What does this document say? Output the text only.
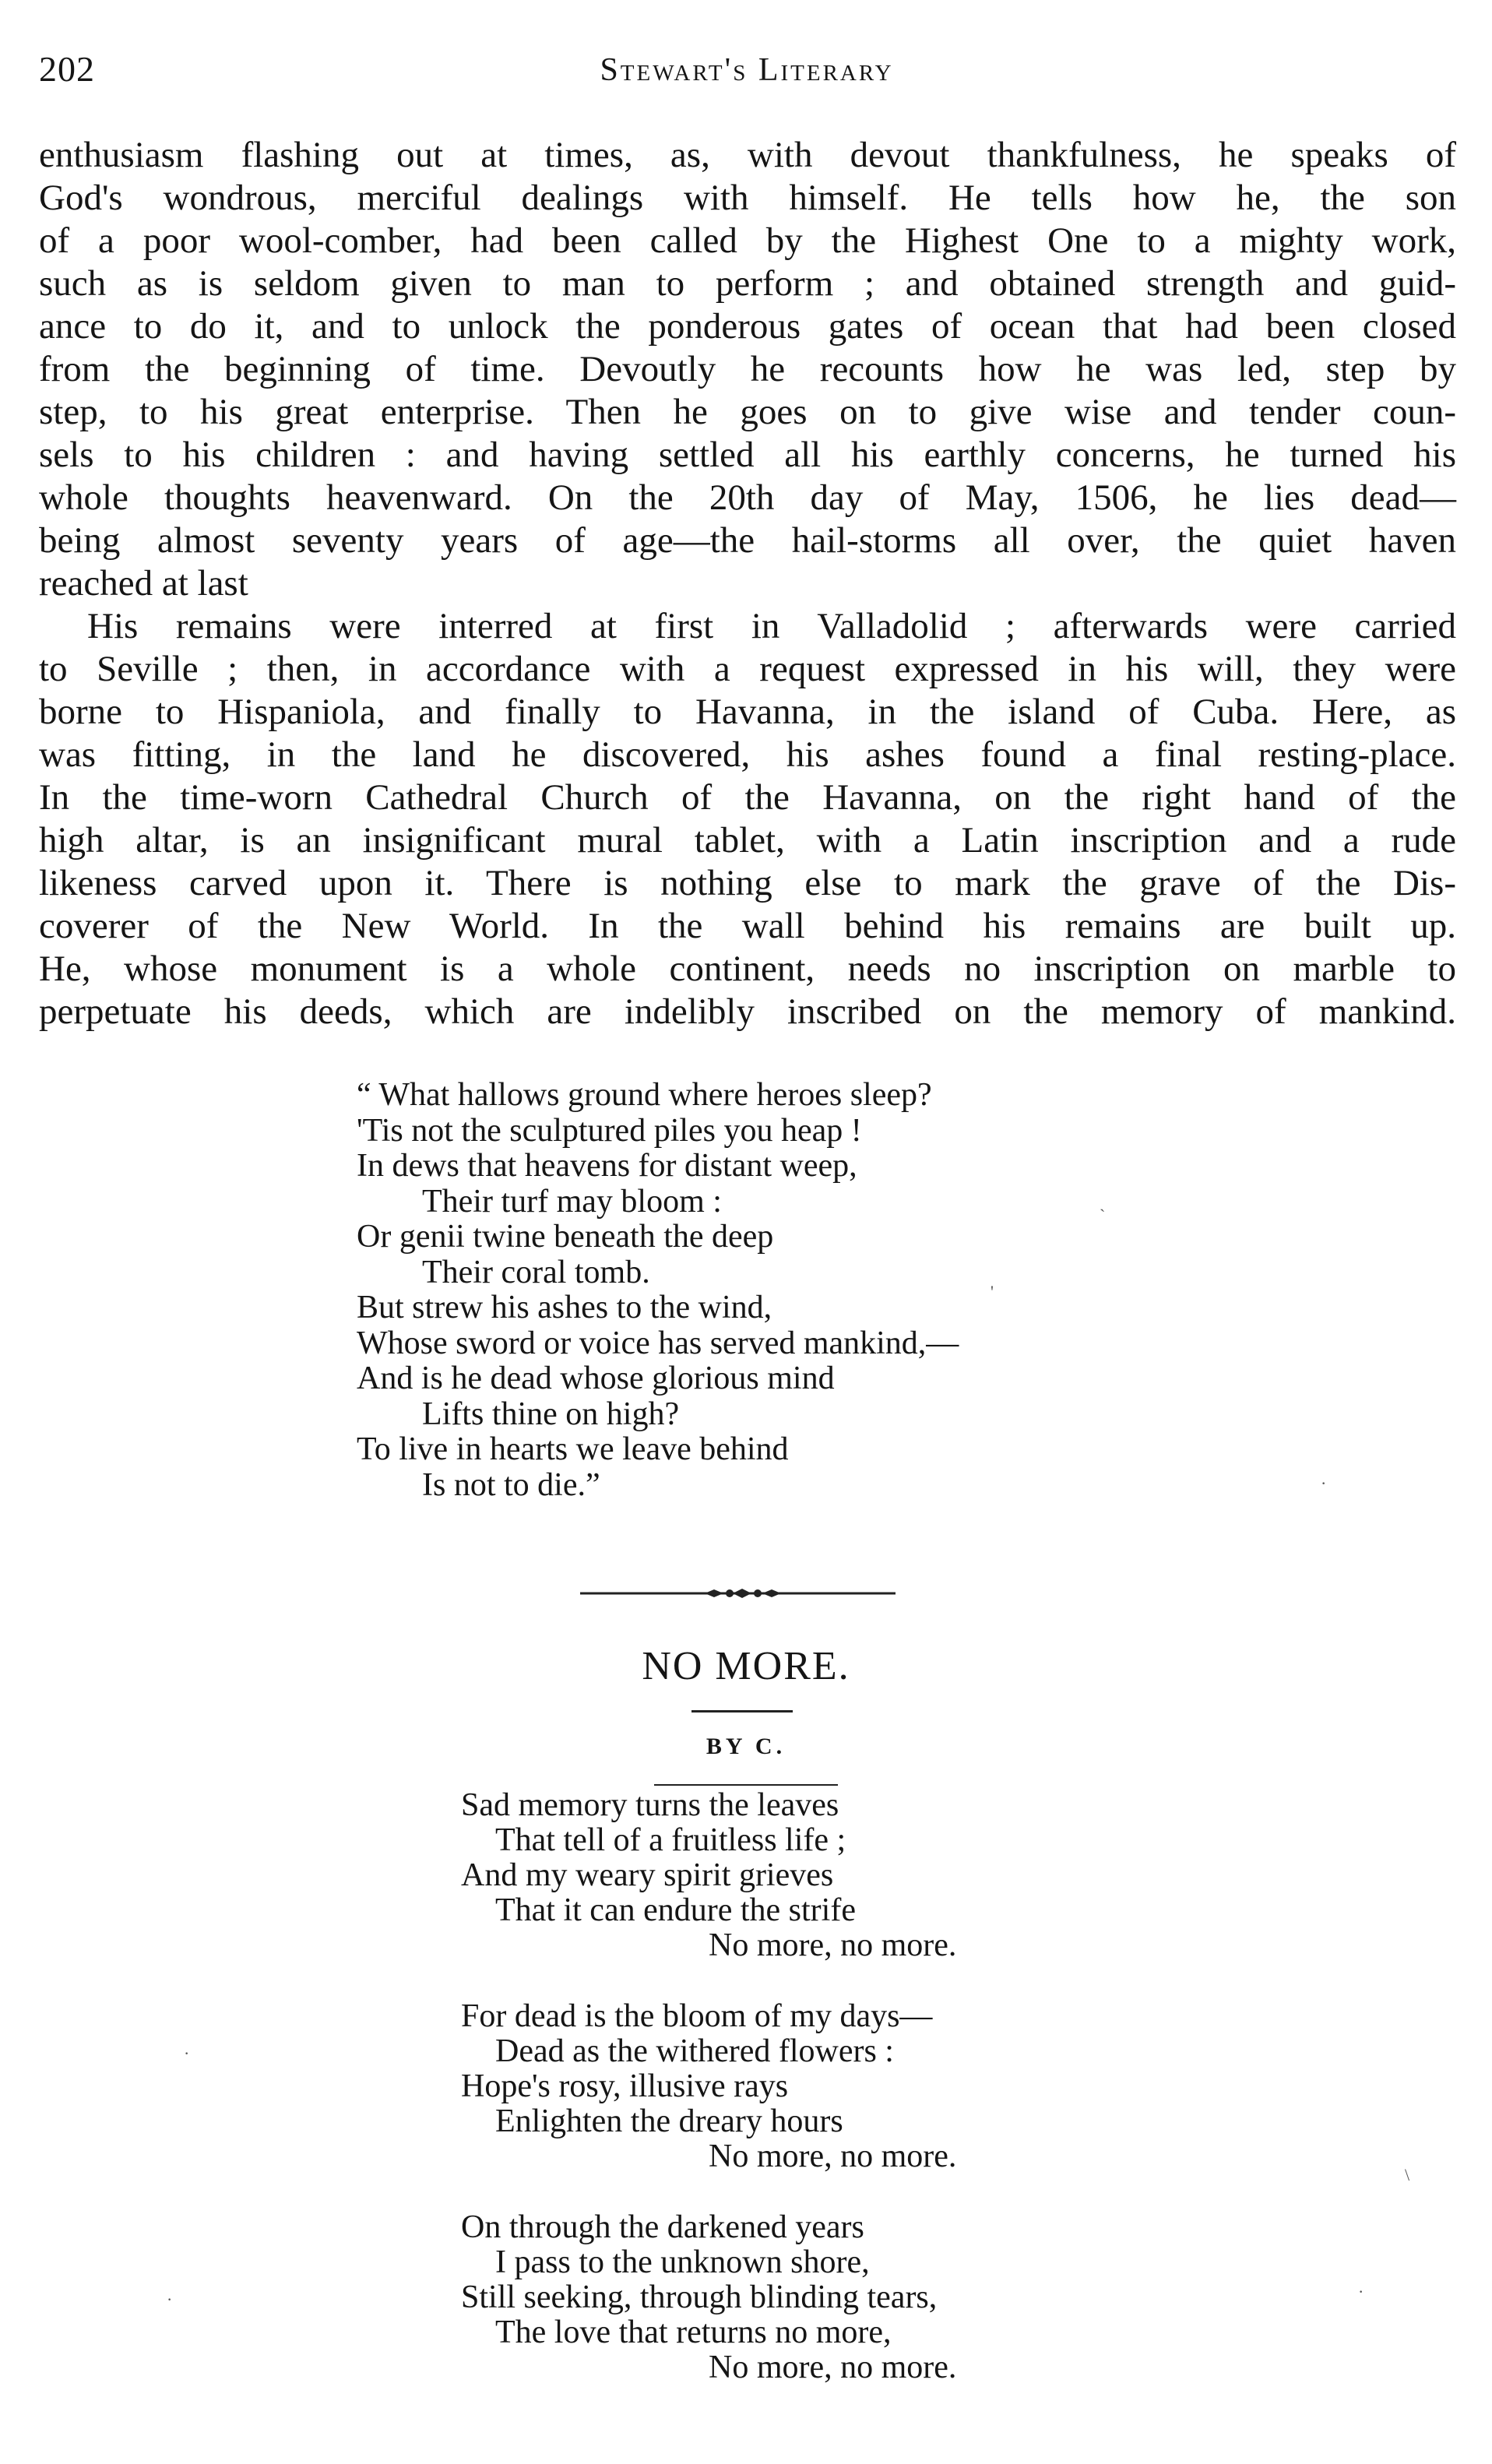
202	Stewart's Literary
enthusiasm flashing out at times, as, with devout thankfulness, he speaks of
God's wondrous, merciful dealings with himself. He tells how he, the son
of a poor wool-comber, had been called by the Highest One to a mighty work,
such as is seldom given to man to perform ; and obtained strength and guid-
ance to do it, and to unlock the ponderous gates of ocean that had been closed
from the beginning of time. Devoutly he recounts how he was led, step by
step, to his great enterprise. Then he goes on to give wise and tender coun-
sels to his children : and having settled all his earthly concerns, he turned his
whole thoughts heavenward. On the 20th day of May, 1506, he lies dead—
being almost seventy years of age—the hail-storms all over, the quiet haven
reached at last
His remains were interred at first in Valladolid ; afterwards were carried
to Seville ; then, in accordance with a request expressed in his will, they were
borne to Hispaniola, and finally to Havanna, in the island of Cuba. Here, as
was fitting, in the land he discovered, his ashes found a final resting-place.
In the time-worn Cathedral Church of the Havanna, on the right hand of the
high altar, is an insignificant mural tablet, with a Latin inscription and a rude
likeness carved upon it. There is nothing else to mark the grave of the Dis-
coverer of the New World. In the wall behind his remains are built up.
He, whose monument is a whole continent, needs no inscription on marble to
perpetuate his deeds, which are indelibly inscribed on the memory of mankind.
“ What hallows ground where heroes sleep?
'Tis not the sculptured piles you heap !
In dews that heavens for distant weep,
Their turf may bloom :
Or genii twine beneath the deep
Their coral tomb.
But strew his ashes to the wind,
Whose sword or voice has served mankind,—
And is he dead whose glorious mind
Lifts thine on high?
To live in hearts we leave behind
Is not to die.”
NO MORE.
BY C.
Sad memory turns the leaves
That tell of a fruitless life ;
And my weary spirit grieves
That it can endure the strife
No more, no more.
For dead is the bloom of my days—
Dead as the withered flowers :
Hope's rosy, illusive rays
Enlighten the dreary hours
No more, no more.
On through the darkened years
I pass to the unknown shore,
Still seeking, through blinding tears,
The love that returns no more,
No more, no more.
ˋ
'
·
·
\
·	·
